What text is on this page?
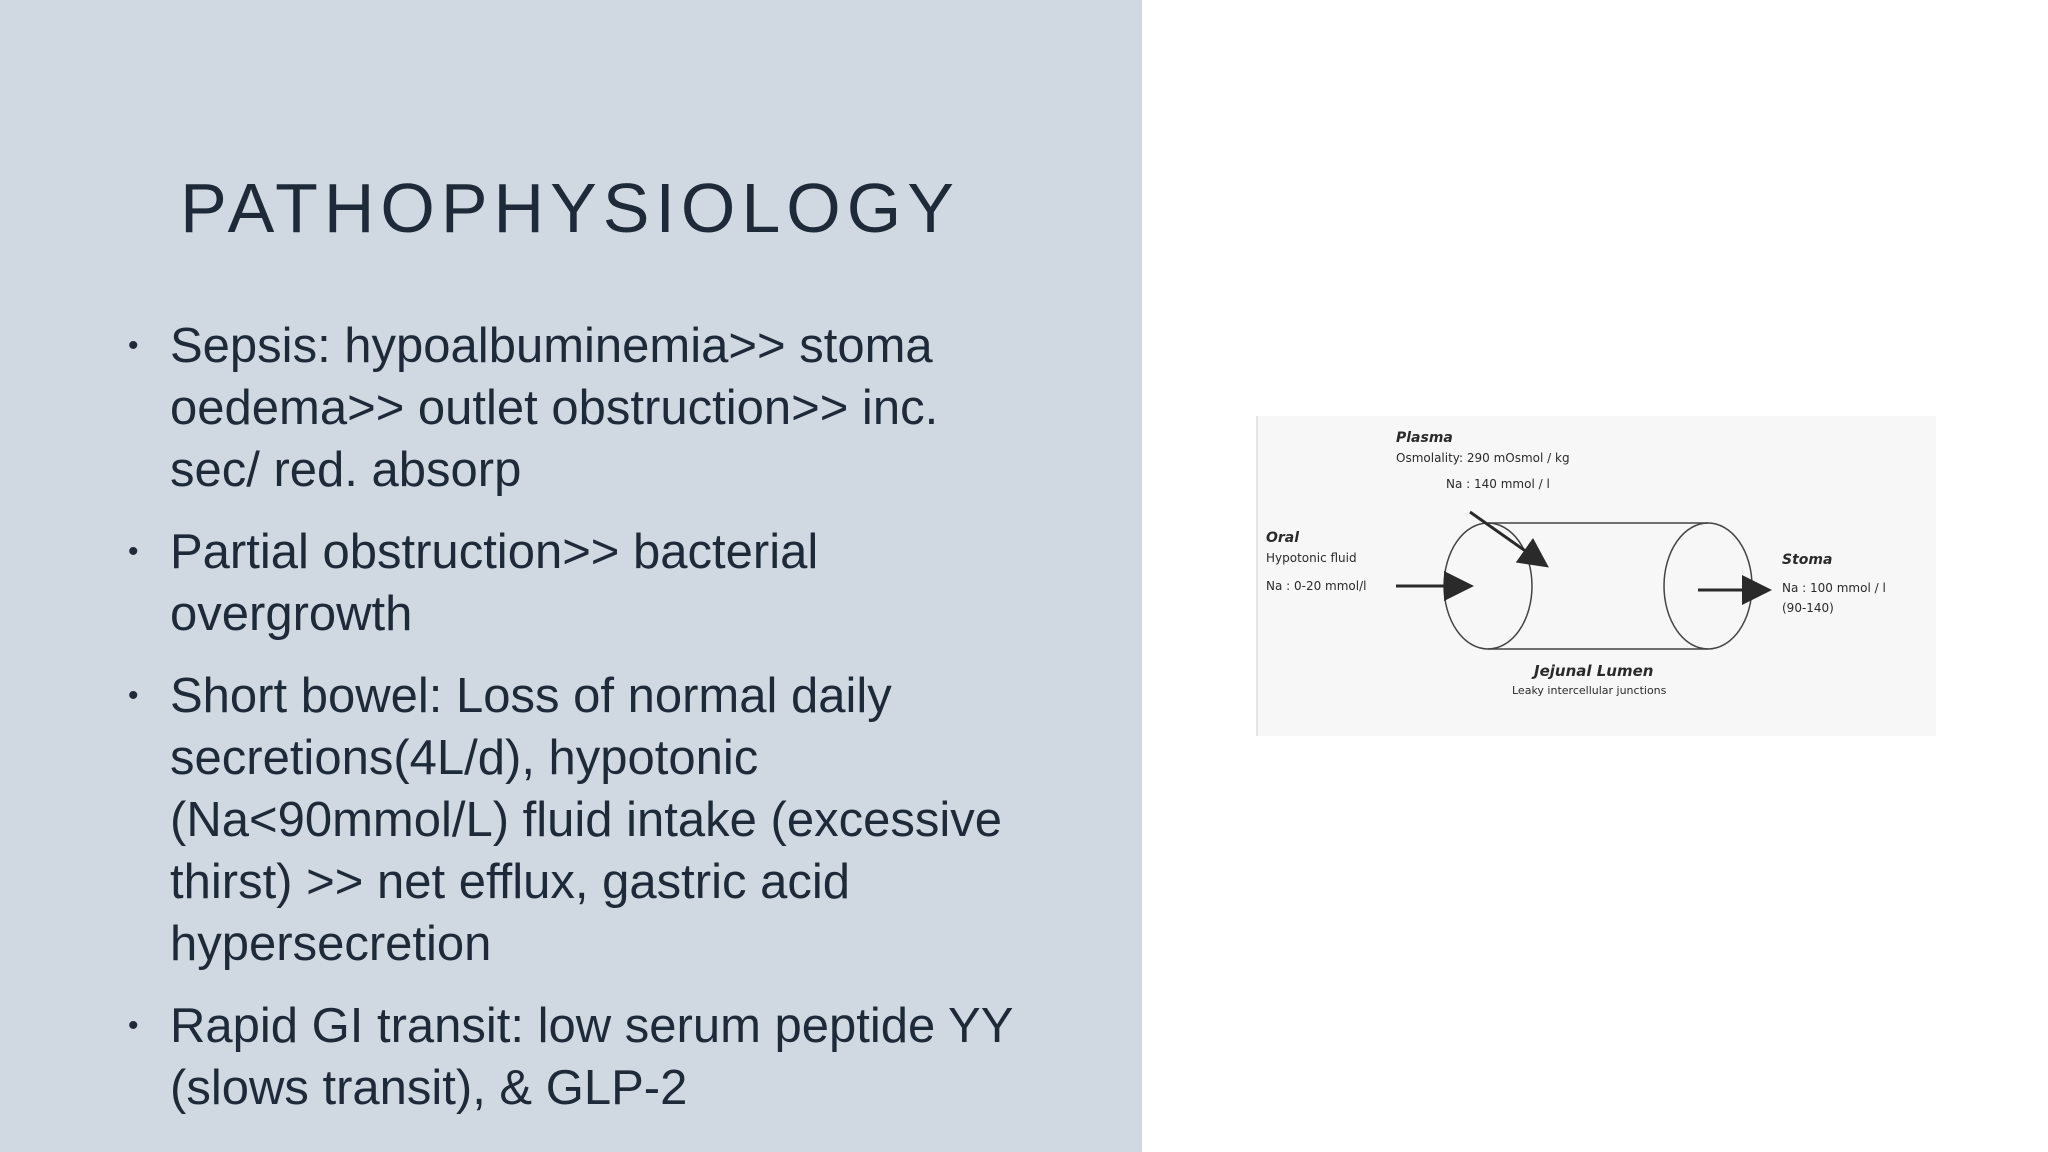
PATHOPHYSIOLOGY
• Sepsis: hypoalbuminemia>> stoma oedema>> outlet obstruction>> inc. sec/ red. absorp
• Partial obstruction>> bacterial overgrowth
• Short bowel: Loss of normal daily secretions(4L/d), hypotonic (Na<90mmol/L) fluid intake (excessive thirst) >> net efflux, gastric acid hypersecretion
• Rapid GI transit: low serum peptide YY (slows transit), & GLP-2
Plasma
Osmolality: 290 mOsmol / kg
Na : 140 mmol / l
Oral
Hypotonic fluid
Na : 0-20 mmol/l
Stoma
Na : 100 mmol / l
(90-140)
Jejunal Lumen
Leaky intercellular junctions
